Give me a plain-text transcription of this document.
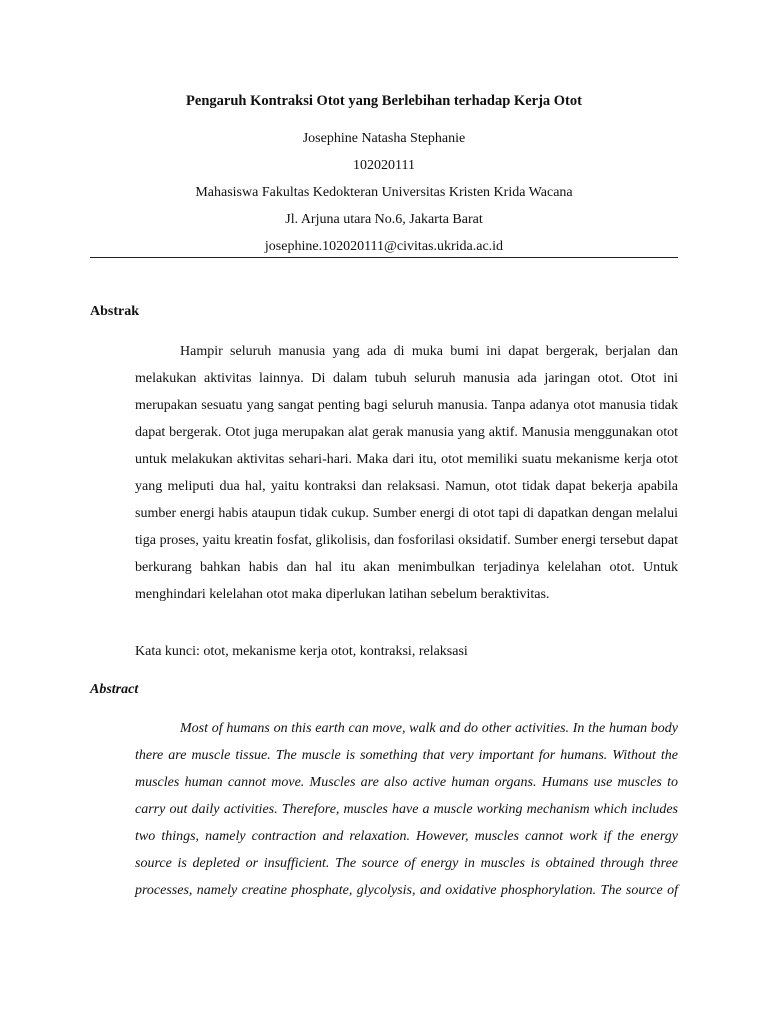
Pengaruh Kontraksi Otot yang Berlebihan terhadap Kerja Otot
Josephine Natasha Stephanie
102020111
Mahasiswa Fakultas Kedokteran Universitas Kristen Krida Wacana
Jl. Arjuna utara No.6, Jakarta Barat
josephine.102020111@civitas.ukrida.ac.id
Abstrak
Hampir seluruh manusia yang ada di muka bumi ini dapat bergerak, berjalan dan melakukan aktivitas lainnya. Di dalam tubuh seluruh manusia ada jaringan otot. Otot ini merupakan sesuatu yang sangat penting bagi seluruh manusia. Tanpa adanya otot manusia tidak dapat bergerak. Otot juga merupakan alat gerak manusia yang aktif. Manusia menggunakan otot untuk melakukan aktivitas sehari-hari. Maka dari itu, otot memiliki suatu mekanisme kerja otot yang meliputi dua hal, yaitu kontraksi dan relaksasi. Namun, otot tidak dapat bekerja apabila sumber energi habis ataupun tidak cukup. Sumber energi di otot tapi di dapatkan dengan melalui tiga proses, yaitu kreatin fosfat, glikolisis, dan fosforilasi oksidatif. Sumber energi tersebut dapat berkurang bahkan habis dan hal itu akan menimbulkan terjadinya kelelahan otot. Untuk menghindari kelelahan otot maka diperlukan latihan sebelum beraktivitas.
Kata kunci: otot, mekanisme kerja otot, kontraksi, relaksasi
Abstract
Most of humans on this earth can move, walk and do other activities. In the human body there are muscle tissue. The muscle is something that very important for humans. Without the muscles human cannot move. Muscles are also active human organs. Humans use muscles to carry out daily activities. Therefore, muscles have a muscle working mechanism which includes two things, namely contraction and relaxation. However, muscles cannot work if the energy source is depleted or insufficient. The source of energy in muscles is obtained through three processes, namely creatine phosphate, glycolysis, and oxidative phosphorylation. The source of
